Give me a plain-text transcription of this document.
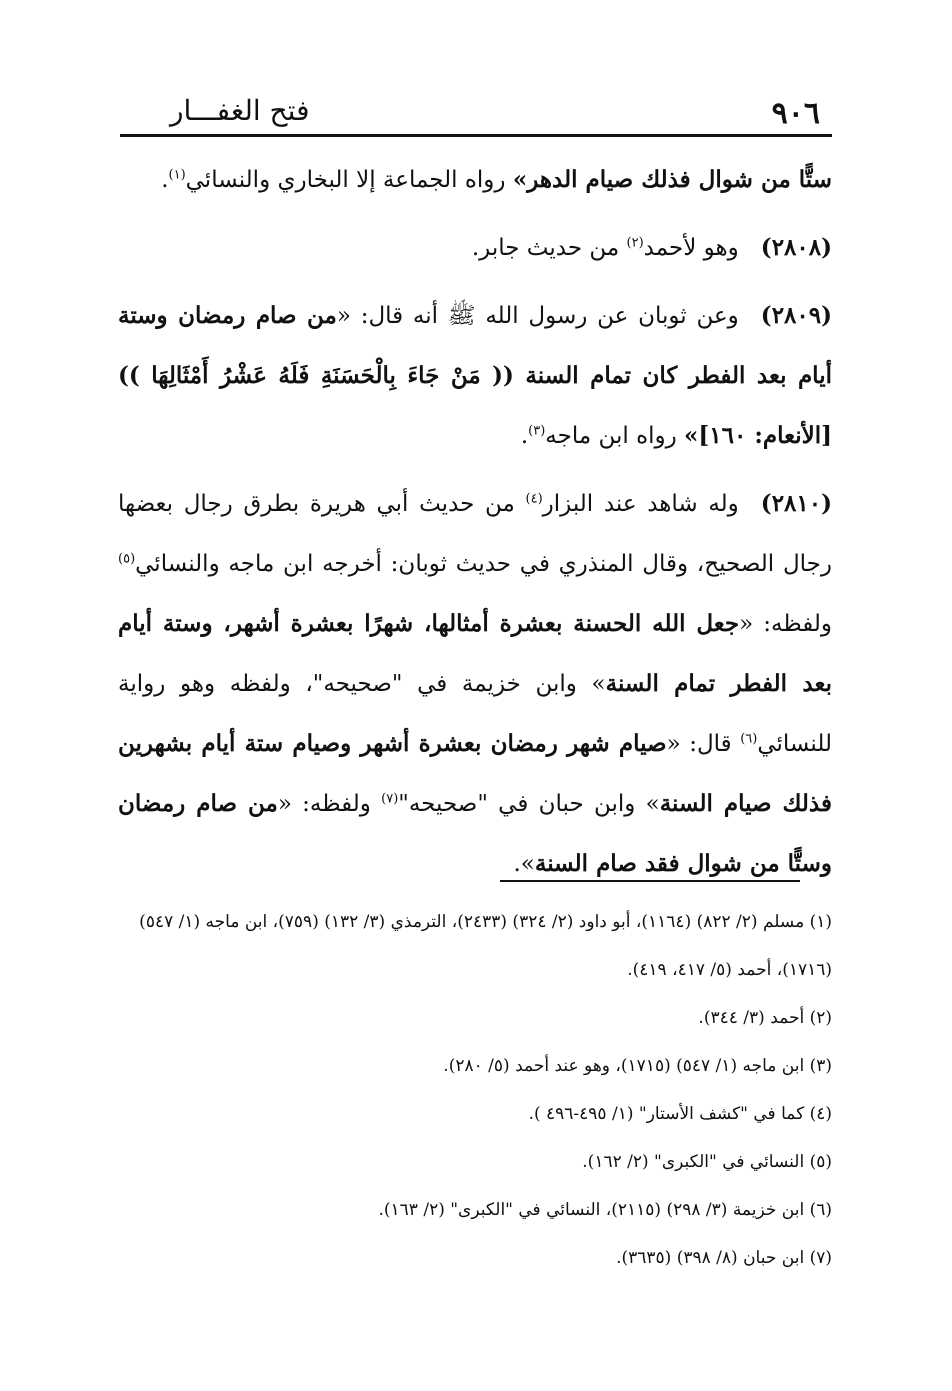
٩٠٦
فتح الغفـــار

ستًّا من شوال فذلك صيام الدهر» رواه الجماعة إلا البخاري والنسائي$^{(١)}$.

(٢٨٠٨)وهو لأحمد$^{(٢)}$ من حديث جابر.

(٢٨٠٩)وعن ثوبان عن رسول الله ﷺ أنه قال: «من صام رمضان وستة أيام بعد الفطر كان تمام السنة (( مَنْ جَاءَ بِالْحَسَنَةِ فَلَهُ عَشْرُ أَمْثَالِهَا ))[الأنعام: ١٦٠]» رواه ابن ماجه$^{(٣)}$.

(٢٨١٠)وله شاهد عند البزار$^{(٤)}$ من حديث أبي هريرة بطرق رجال بعضها رجال الصحيح، وقال المنذري في حديث ثوبان: أخرجه ابن ماجه والنسائي$^{(٥)}$ ولفظه: «جعل الله الحسنة بعشرة أمثالها، شهرًا بعشرة أشهر، وستة أيام بعد الفطر تمام السنة» وابن خزيمة في "صحيحه"، ولفظه وهو رواية للنسائي$^{(٦)}$ قال: «صيام شهر رمضان بعشرة أشهر وصيام ستة أيام بشهرين فذلك صيام السنة» وابن حبان في "صحيحه"$^{(٧)}$ ولفظه: «من صام رمضان وستًّا من شوال فقد صام السنة».

(١) مسلم (٢/ ٨٢٢) (١١٦٤)، أبو داود (٢/ ٣٢٤) (٢٤٣٣)، الترمذي (٣/ ١٣٢) (٧٥٩)، ابن ماجه (١/ ٥٤٧) (١٧١٦)، أحمد (٥/ ٤١٧، ٤١٩).

(٢) أحمد (٣/ ٣٤٤).

(٣) ابن ماجه (١/ ٥٤٧) (١٧١٥)، وهو عند أحمد (٥/ ٢٨٠).

(٤) كما في "كشف الأستار" (١/ ٤٩٥-٤٩٦ ).

(٥) النسائي في "الكبرى" (٢/ ١٦٢).

(٦) ابن خزيمة (٣/ ٢٩٨) (٢١١٥)، النسائي في "الكبرى" (٢/ ١٦٣).

(٧) ابن حبان (٨/ ٣٩٨) (٣٦٣٥).
